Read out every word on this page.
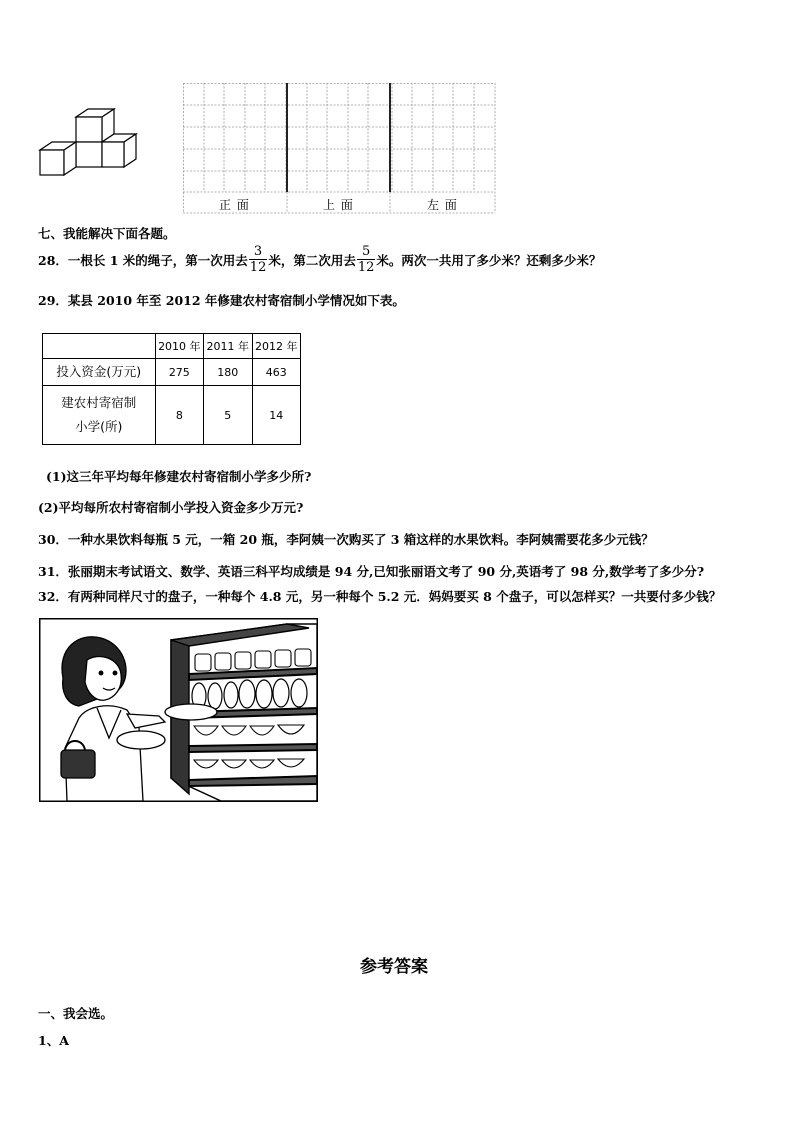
正 面	上 面	左 面
七、我能解决下面各题。
28．一根长 1 米的绳子，第一次用去 $\frac{3}{12}$ 米，第二次用去 $\frac{5}{12}$ 米。两次一共用了多少米？还剩多少米？
29．某县 2010 年至 2012 年修建农村寄宿制小学情况如下表。
	2010 年	2011 年	2012 年
投入资金(万元)	275	180	463

建农村寄宿制
小学(所)	8	5	14
(1)这三年平均每年修建农村寄宿制小学多少所?
(2)平均每所农村寄宿制小学投入资金多少万元?
30．一种水果饮料每瓶 5 元，一箱 20 瓶，李阿姨一次购买了 3 箱这样的水果饮料。李阿姨需要花多少元钱？
31．张丽期末考试语文、数学、英语三科平均成绩是 94 分,已知张丽语文考了 90 分,英语考了 98 分,数学考了多少分?
32．有两种同样尺寸的盘子，一种每个 4.8 元，另一种每个 5.2 元．妈妈要买 8 个盘子，可以怎样买？一共要付多少钱？
参考答案
一、我会选。
1、A
